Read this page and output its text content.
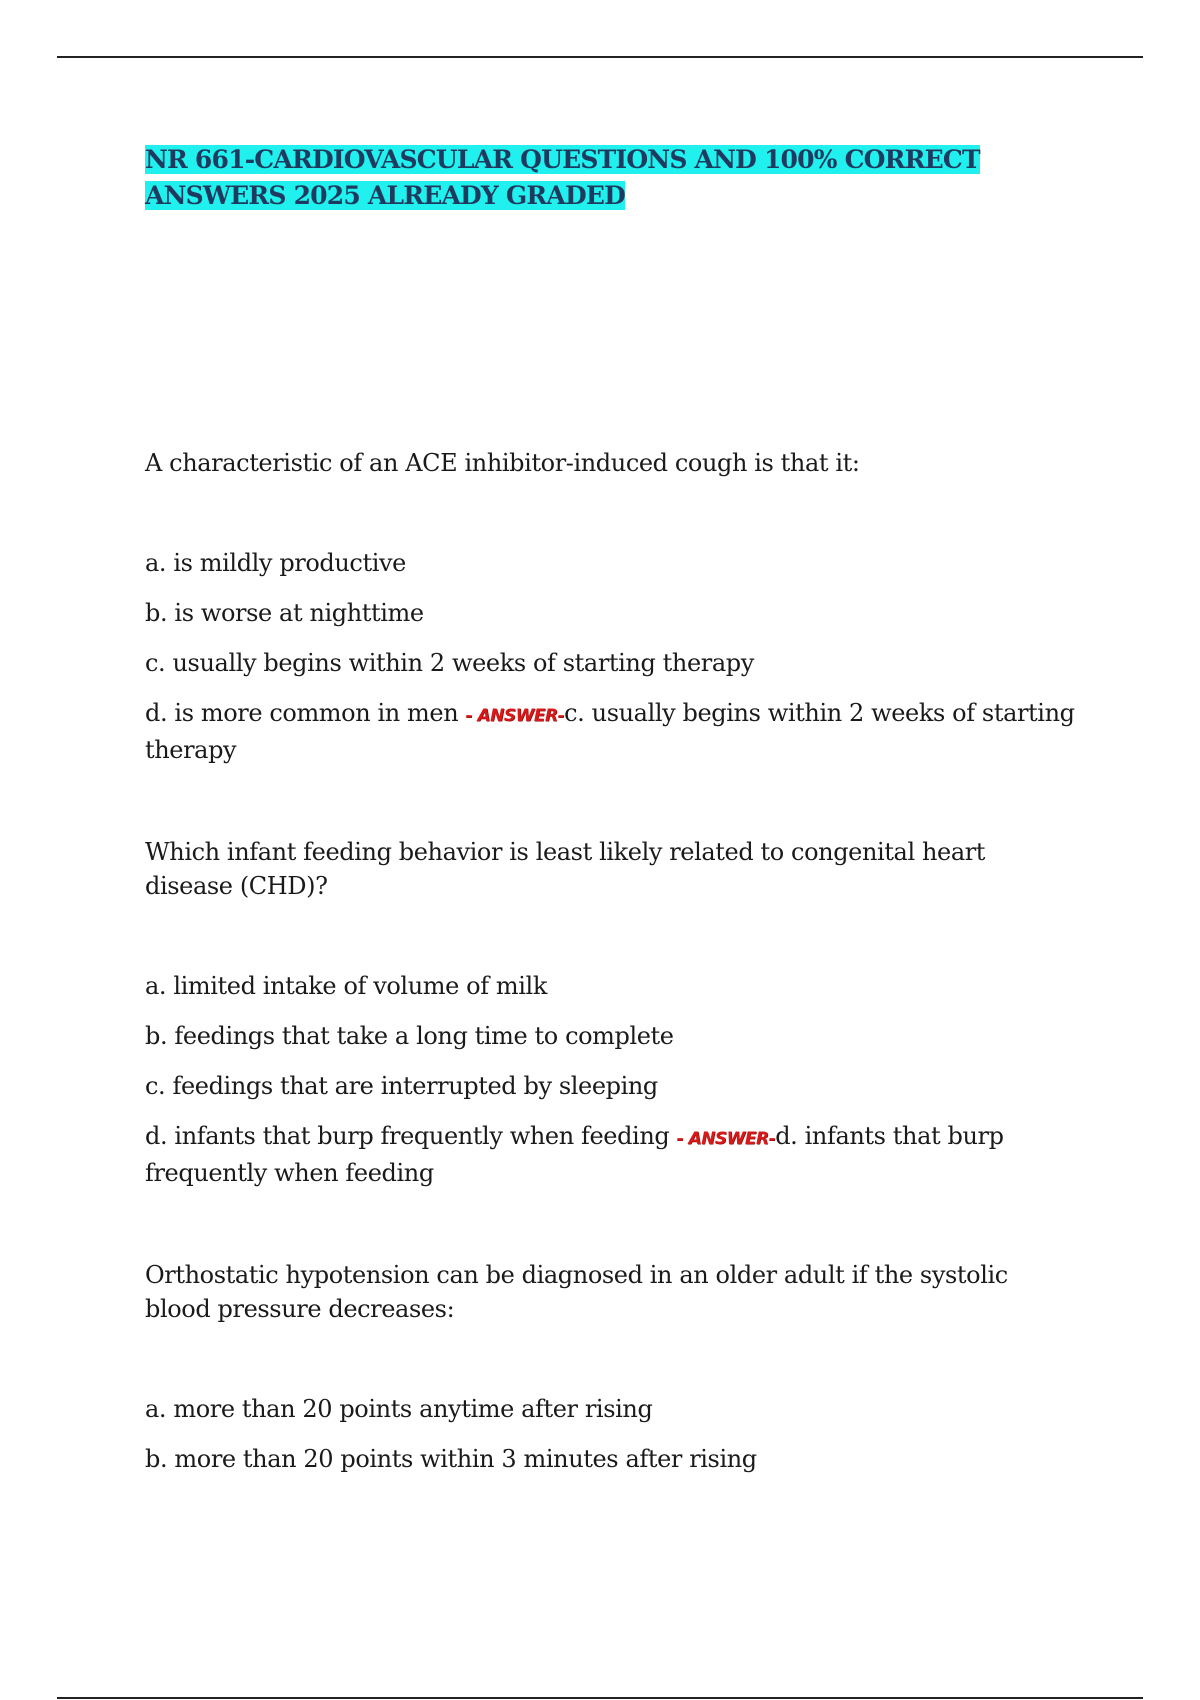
NR 661-CARDIOVASCULAR QUESTIONS AND 100% CORRECT ANSWERS 2025 ALREADY GRADED

A characteristic of an ACE inhibitor-induced cough is that it:

a. is mildly productive

b. is worse at nighttime

c. usually begins within 2 weeks of starting therapy

d. is more common in men - ANSWER-c. usually begins within 2 weeks of starting therapy

Which infant feeding behavior is least likely related to congenital heart disease (CHD)?

a. limited intake of volume of milk

b. feedings that take a long time to complete

c. feedings that are interrupted by sleeping

d. infants that burp frequently when feeding - ANSWER-d. infants that burp frequently when feeding

Orthostatic hypotension can be diagnosed in an older adult if the systolic blood pressure decreases:

a. more than 20 points anytime after rising

b. more than 20 points within 3 minutes after rising
